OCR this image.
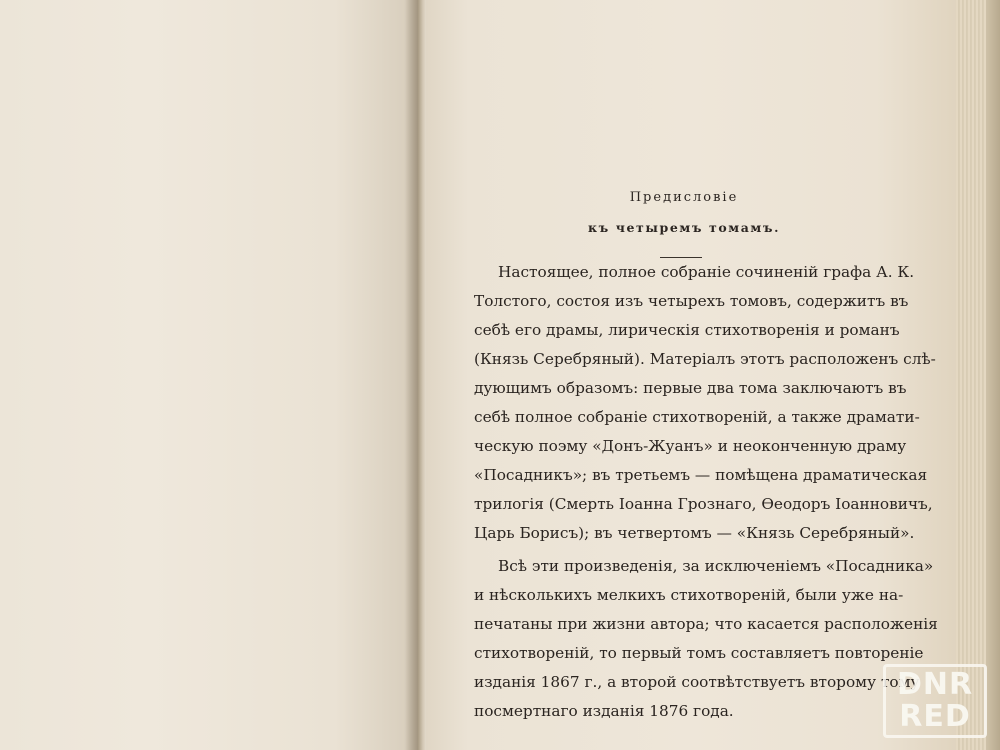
Предисловіе
къ четыремъ томамъ.
Настоящее, полное собраніе сочиненій графа А. К.
Толстого, состоя изъ четырехъ томовъ, содержитъ въ
себѣ его драмы, лирическія стихотворенія и романъ
(Князь Серебряный). Матеріалъ этотъ расположенъ слѣ-
дующимъ образомъ: первые два тома заключаютъ въ
себѣ полное собраніе стихотвореній, а также драмати-
ческую поэму «Донъ-Жуанъ» и неоконченную драму
«Посадникъ»; въ третьемъ — помѣщена драматическая
трилогія (Смерть Іоанна Грознаго, Ѳеодоръ Іоанновичъ,
Царь Борисъ); въ четвертомъ — «Князь Серебряный».
Всѣ эти произведенія, за исключеніемъ «Посадника»
и нѣсколькихъ мелкихъ стихотвореній, были уже на-
печатаны при жизни автора; что касается расположенія
стихотвореній, то первый томъ составляетъ повтореніе
изданія 1867 г., а второй соотвѣтствуетъ второму тому
посмертнаго изданія 1876 года.
DNR
RED
